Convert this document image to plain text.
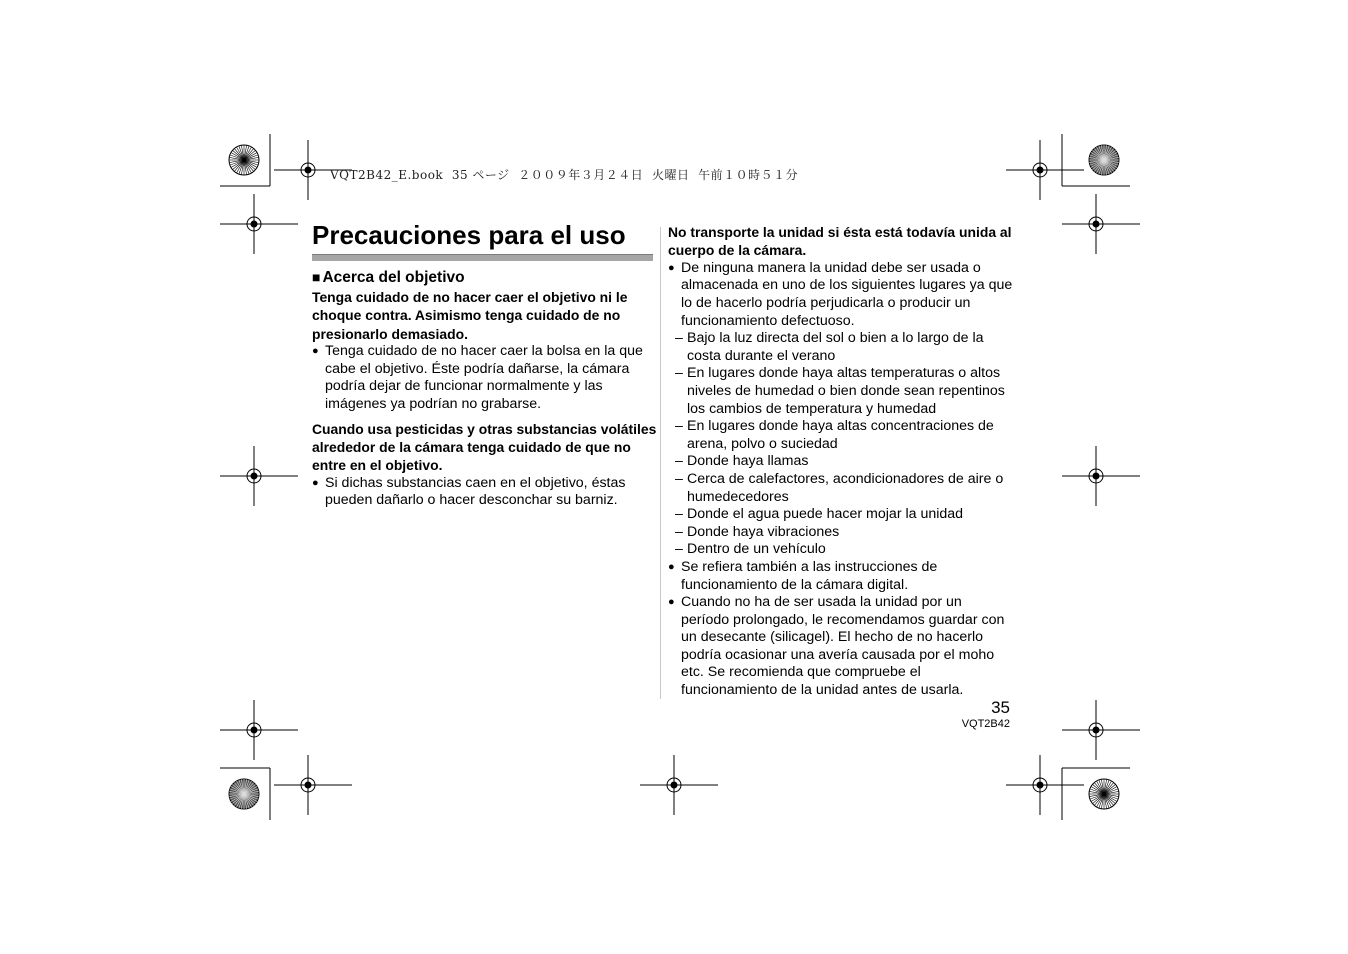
VQT2B42_E.book  35 ページ  ２００９年３月２４日  火曜日  午前１０時５１分
Precauciones para el uso

■ Acerca del objetivo

Tenga cuidado de no hacer caer el objetivo ni le choque contra. Asimismo tenga cuidado de no presionarlo demasiado.

● Tenga cuidado de no hacer caer la bolsa en la que cabe el objetivo. Éste podría dañarse, la cámara podría dejar de funcionar normalmente y las imágenes ya podrían no grabarse.

Cuando usa pesticidas y otras substancias volátiles alrededor de la cámara tenga cuidado de que no entre en el objetivo.

● Si dichas substancias caen en el objetivo, éstas pueden dañarlo o hacer desconchar su barniz.

No transporte la unidad si ésta está todavía unida al cuerpo de la cámara.

● De ninguna manera la unidad debe ser usada o almacenada en uno de los siguientes lugares ya que lo de hacerlo podría perjudicarla o producir un funcionamiento defectuoso.

– Bajo la luz directa del sol o bien a lo largo de la costa durante el verano

– En lugares donde haya altas temperaturas o altos niveles de humedad o bien donde sean repentinos los cambios de temperatura y humedad

– En lugares donde haya altas concentraciones de arena, polvo o suciedad

– Donde haya llamas

– Cerca de calefactores, acondicionadores de aire o humedecedores

– Donde el agua puede hacer mojar la unidad

– Donde haya vibraciones

– Dentro de un vehículo

● Se refiera también a las instrucciones de funcionamiento de la cámara digital.

● Cuando no ha de ser usada la unidad por un período prolongado, le recomendamos guardar con un desecante (silicagel). El hecho de no hacerlo podría ocasionar una avería causada por el moho etc. Se recomienda que compruebe el funcionamiento de la unidad antes de usarla.

35
VQT2B42
